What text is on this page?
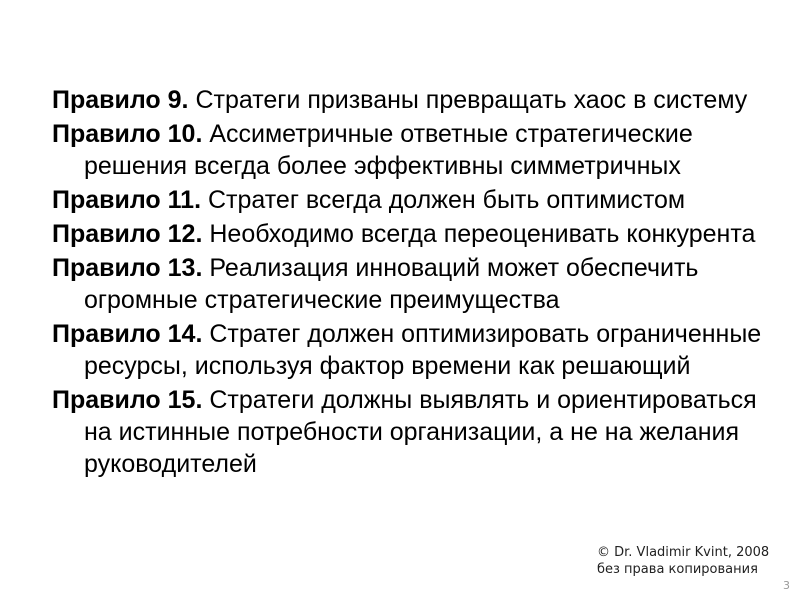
Правило 9. Стратеги призваны превращать хаос в систему
Правило 10. Ассиметричные ответные стратегические решения всегда более эффективны симметричных
Правило 11. Стратег всегда должен быть оптимистом
Правило 12. Необходимо всегда переоценивать конкурента
Правило 13. Реализация инноваций может обеспечить огромные стратегические преимущества
Правило 14. Стратег должен оптимизировать ограниченные ресурсы, используя фактор времени как решающий
Правило 15. Стратеги должны выявлять и ориентироваться на истинные потребности организации, а не на желания руководителей
© Dr. Vladimir Kvint, 2008
без права копирования
3
